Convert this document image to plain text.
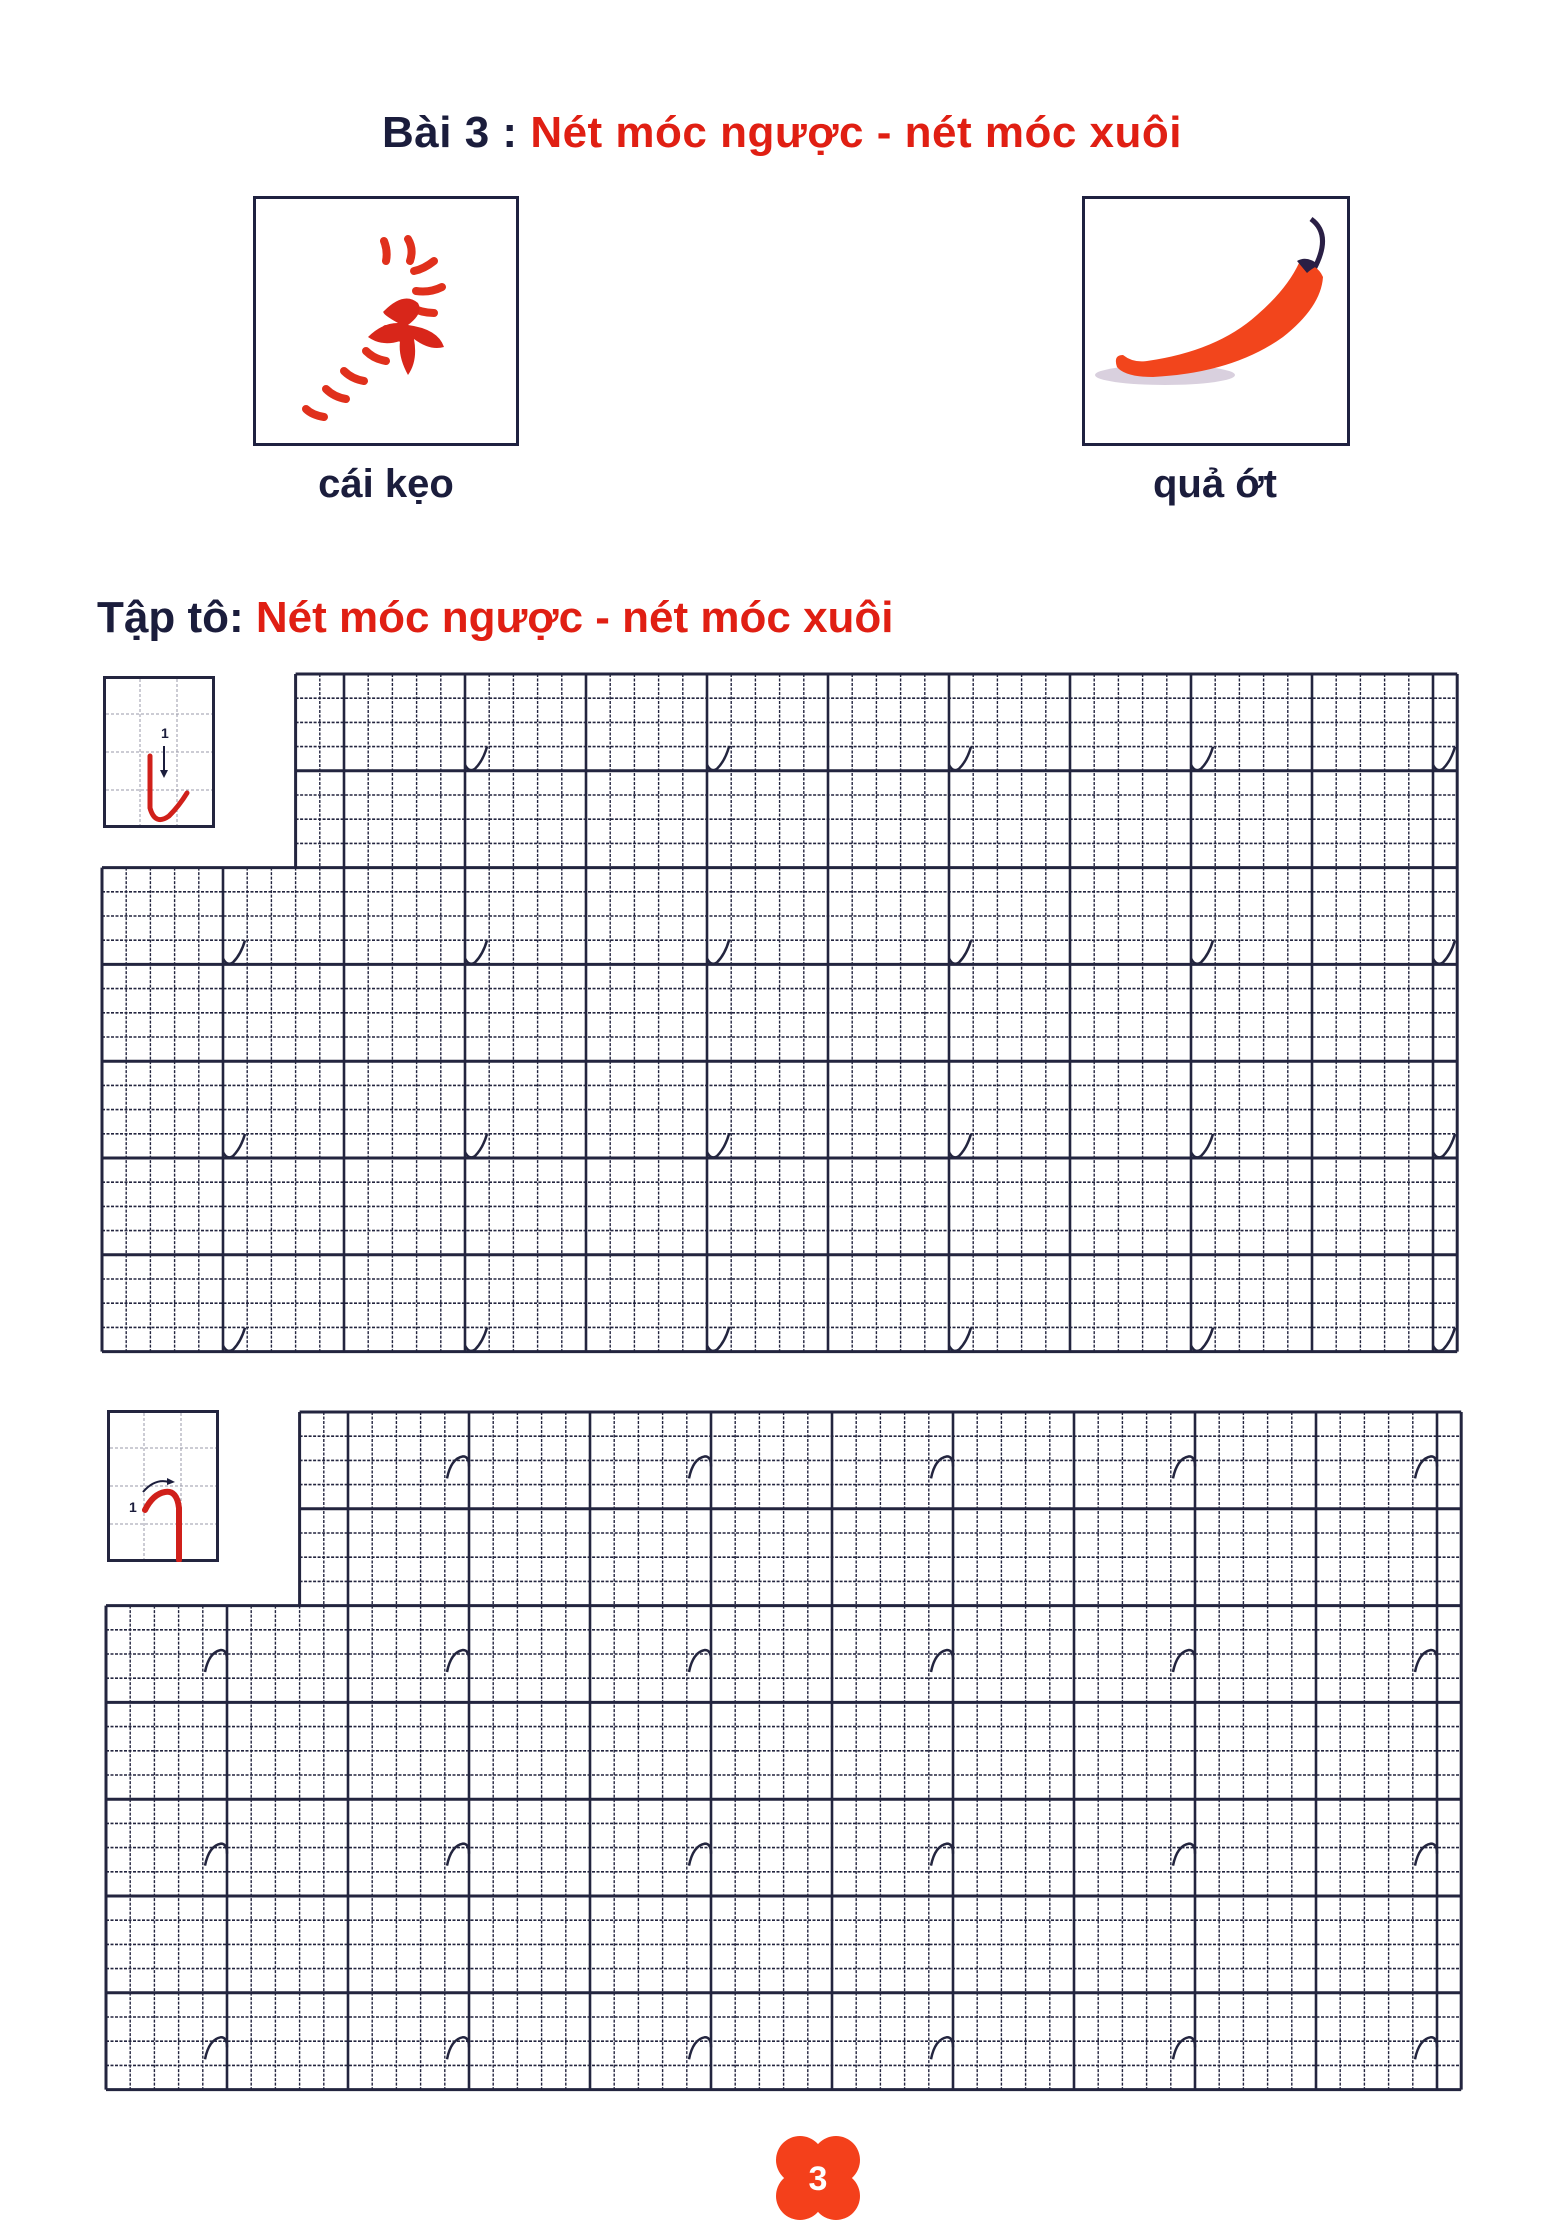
Bài 3 : Nét móc ngược - nét móc xuôi
cái kẹo	quả ớt
Tập tô: Nét móc ngược - nét móc xuôi
1
1
3
